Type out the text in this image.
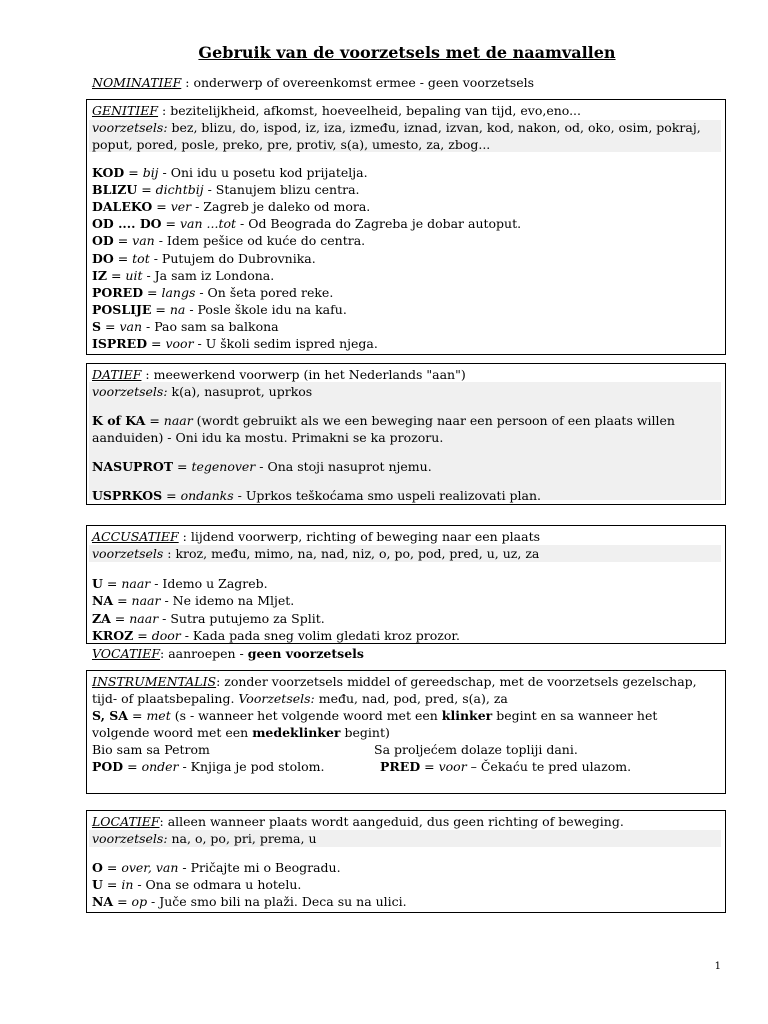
Gebruik van de voorzetsels met de naamvallen
NOMINATIEF : onderwerp of overeenkomst ermee - geen voorzetsels
GENITIEF : bezitelijkheid, afkomst, hoeveelheid, bepaling van tijd, evo,eno...
voorzetsels: bez, blizu, do, ispod, iz, iza, između, iznad, izvan, kod, nakon, od, oko, osim, pokraj,
poput, pored, posle, preko, pre, protiv, s(a), umesto, za, zbog...
KOD = bij - Oni idu u posetu kod prijatelja.
BLIZU = dichtbij - Stanujem blizu centra.
DALEKO = ver - Zagreb je daleko od mora.
OD .... DO = van ...tot - Od Beograda do Zagreba je dobar autoput.
OD = van - Idem pešice od kuće do centra.
DO = tot - Putujem do Dubrovnika.
IZ = uit - Ja sam iz Londona.
PORED = langs - On šeta pored reke.
POSLIJE = na - Posle škole idu na kafu.
S = van - Pao sam sa balkona
ISPRED = voor - U školi sedim ispred njega.
DATIEF : meewerkend voorwerp (in het Nederlands "aan")
voorzetsels: k(a), nasuprot, uprkos
K of KA = naar (wordt gebruikt als we een beweging naar een persoon of een plaats willen
aanduiden) - Oni idu ka mostu. Primakni se ka prozoru.
NASUPROT = tegenover - Ona stoji nasuprot njemu.
USPRKOS = ondanks - Uprkos teškoćama smo uspeli realizovati plan.
ACCUSATIEF : lijdend voorwerp, richting of beweging naar een plaats
voorzetsels : kroz, među, mimo, na, nad, niz, o, po, pod, pred, u, uz, za
U = naar - Idemo u Zagreb.
NA = naar - Ne idemo na Mljet.
ZA = naar - Sutra putujemo za Split.
KROZ = door - Kada pada sneg volim gledati kroz prozor.
VOCATIEF: aanroepen - geen voorzetsels
INSTRUMENTALIS: zonder voorzetsels middel of gereedschap, met de voorzetsels gezelschap,
tijd- of plaatsbepaling. Voorzetsels: među, nad, pod, pred, s(a), za
S, SA = met (s - wanneer het volgende woord met een klinker begint en sa wanneer het
volgende woord met een medeklinker begint)
Bio sam sa Petrom	Sa proljećem dolaze topliji dani.
POD = onder - Knjiga je pod stolom.	PRED = voor – Čekaću te pred ulazom.
LOCATIEF: alleen wanneer plaats wordt aangeduid, dus geen richting of beweging.
voorzetsels: na, o, po, pri, prema, u
O = over, van - Pričajte mi o Beogradu.
U = in - Ona se odmara u hotelu.
NA = op - Juče smo bili na plaži. Deca su na ulici.
1
